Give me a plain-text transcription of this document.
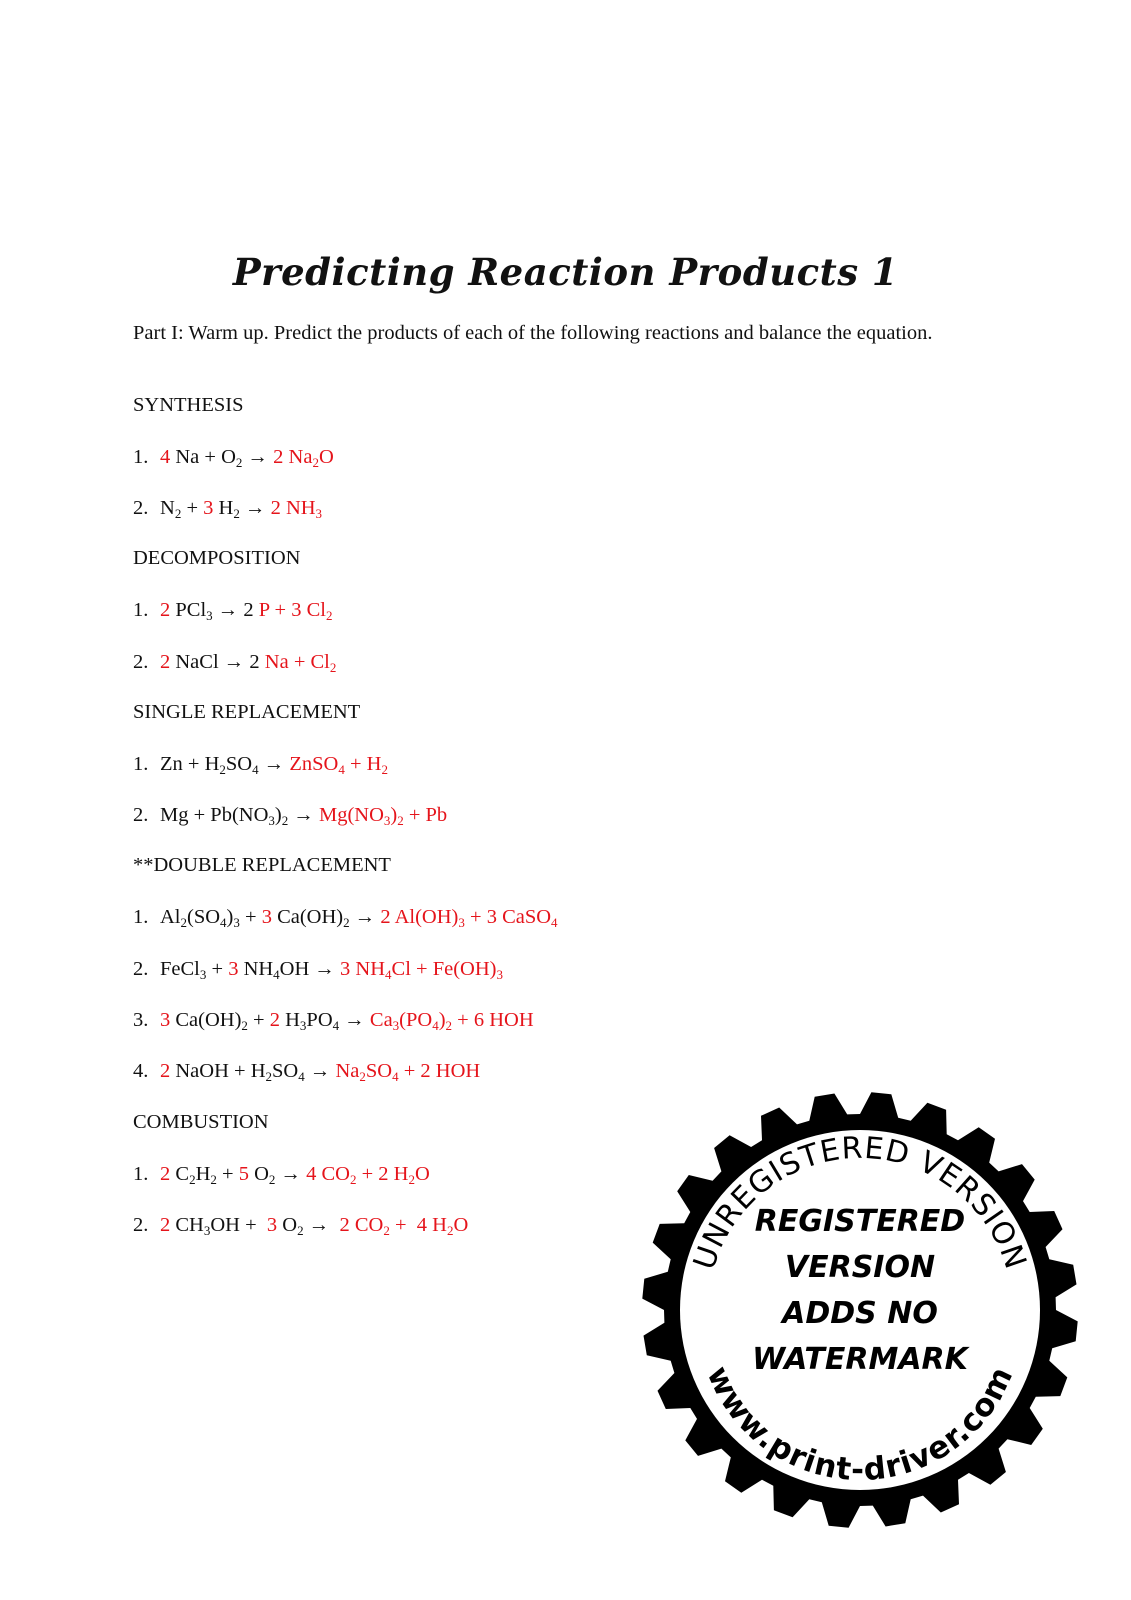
Predicting Reaction Products 1
Part I: Warm up. Predict the products of each of the following reactions and balance the equation.
SYNTHESIS
1. 4 $Na + O_2 \to 2$ $Na_2O$
2. $N_2 + 3$ $H_2 \to 2$ $NH_3$
DECOMPOSITION
1. 2 PCl$_3$ → 2 P + 3 $Cl_2$
2. 2 NaCl → 2 $Na + Cl_2$
SINGLE REPLACEMENT
1. $Zn + H_2SO_4$ → ZnSO$_4$ + $H_2$
2. $Mg + Pb(NO_3)_2 \to Mg(NO_3)_2 + Pb$
**DOUBLE REPLACEMENT
1. $Al_2(SO_4)_3 + 3$ $Ca(OH)_2 \to 2$ $Al(OH)_3 + 3$ CaSO$_4$
2. FeCl$_3$ + 3 $NH_4OH \to 3$ $NH_4Cl + Fe(OH)_3$
3. 3 $Ca(OH)_2 + 2$ $H_3PO_4 \to Ca_3(PO_4)_2 + 6$ HOH
4. 2 NaOH + $H_2SO_4 \to Na_2SO_4 + 2$ HOH
COMBUSTION
1. 2 $C_2H_2 + 5$ $O_2 \to 4$ $CO_2 + 2$ $H_2O$
2. 2 $CH_3OH + 3$ $O_2 \to 2$ $CO_2 + 4$ $H_2O$
UNREGISTERED VERSION
www.print-driver.com
REGISTERED
VERSION
ADDS NO
WATERMARK
